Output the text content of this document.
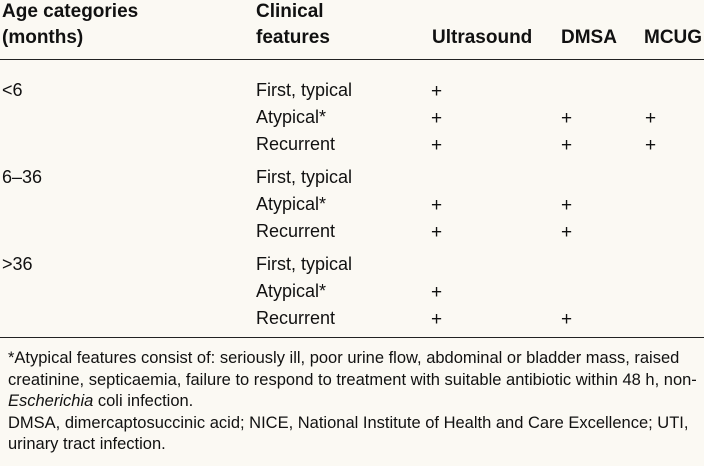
Age categories
(months)
Clinical
features	Ultrasound DMSA MCUG
<6	First, typical	+
Atypical*	+	+	+
Recurrent	+	+	+
6–36	First, typical
Atypical*	+	+
Recurrent	+	+
>36	First, typical
Atypical*	+
Recurrent	+	+

*Atypical features consist of: seriously ill, poor urine flow, abdominal or bladder mass, raised creatinine, septicaemia, failure to respond to treatment with suitable antibiotic within 48 h, non-Escherichia coli infection.

DMSA, dimercaptosuccinic acid; NICE, National Institute of Health and Care Excellence; UTI, urinary tract infection.
